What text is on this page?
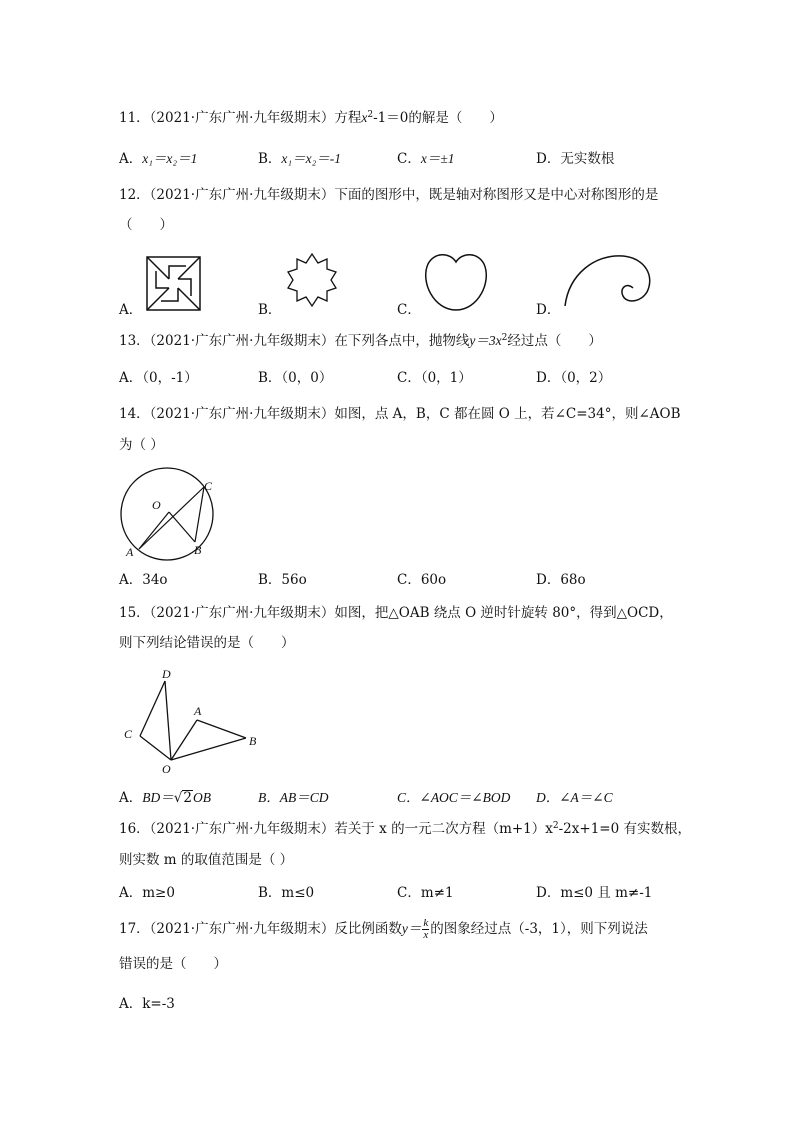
11．（2021·广东广州·九年级期末）方程$x^2-1=0$的解是（　　）
A．x₁＝x₂＝1	B．x₁＝x₂＝-1	C．x＝±1	D．无实数根
12．（2021·广东广州·九年级期末）下面的图形中，既是轴对称图形又是中心对称图形的是
（　　）
A．	B．	C．	D．
13．（2021·广东广州·九年级期末）在下列各点中，抛物线$y=3x^2$经过点（　　）
A．（0，-1）	B．（0，0）	C．（0，1）	D．（0，2）
14．（2021·广东广州·九年级期末）如图，点 A，B，C 都在圆 O 上，若∠C=34°，则∠AOB
为（ ）
O
A	B
C
A．34ο	B．56ο	C．60ο	D．68ο
15．（2021·广东广州·九年级期末）如图，把△OAB 绕点 O 逆时针旋转 80°，得到△OCD，
则下列结论错误的是（　　）
D
A
C	B
O
A．BD＝√2OB	B．AB＝CD	C．∠AOC＝∠BOD D．∠A＝∠C
16．（2021·广东广州·九年级期末）若关于 x 的一元二次方程$(m+1)x^2-2x+1=0$ 有实数根，
则实数 m 的取值范围是（ ）
A．m≥0	B．m≤0	C．m≠1	D．m≤0 且 m≠-1
17．（2021·广东广州·九年级期末）反比例函数$y= \frac{k}{x}$ 的图象经过点（-3，1），则下列说法
错误的是（　　）
A．k=-3
